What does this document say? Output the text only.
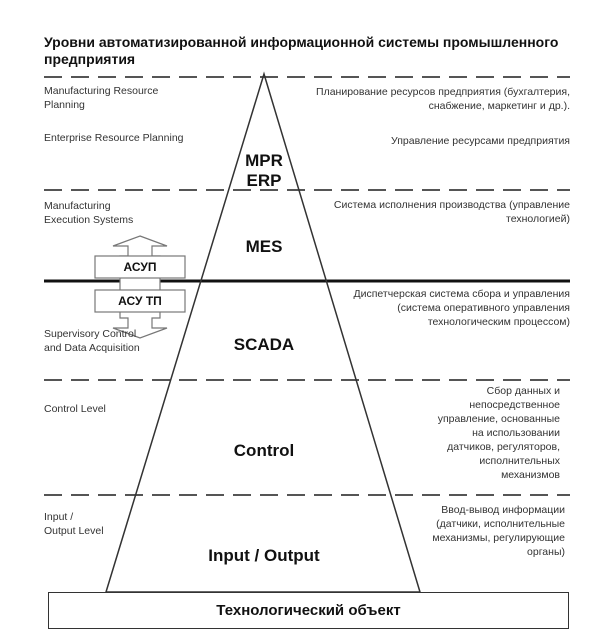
Уровни автоматизированной информационной системы промышленного предприятия
Manufacturing Resource Planning
Enterprise Resource Planning
Manufacturing Execution Systems
Supervisory Control and Data Acquisition
Control Level
Input / Output Level
Планирование ресурсов предприятия (бухгалтерия, снабжение, маркетинг и др.).
Управление ресурсами предприятия
Система исполнения производства (управление технологией)
Диспетчерская система сбора и управления (система оперативного управления технологическим процессом)
Сбор данных и непосредственное управление, основанные на использовании датчиков, регуляторов, исполнительных механизмов
Ввод-вывод информации (датчики, исполнительные механизмы, регулирующие органы)
MPR
ERP
MES
SCADA
Control
Input / Output
АСУП
АСУ ТП
Технологический объект
